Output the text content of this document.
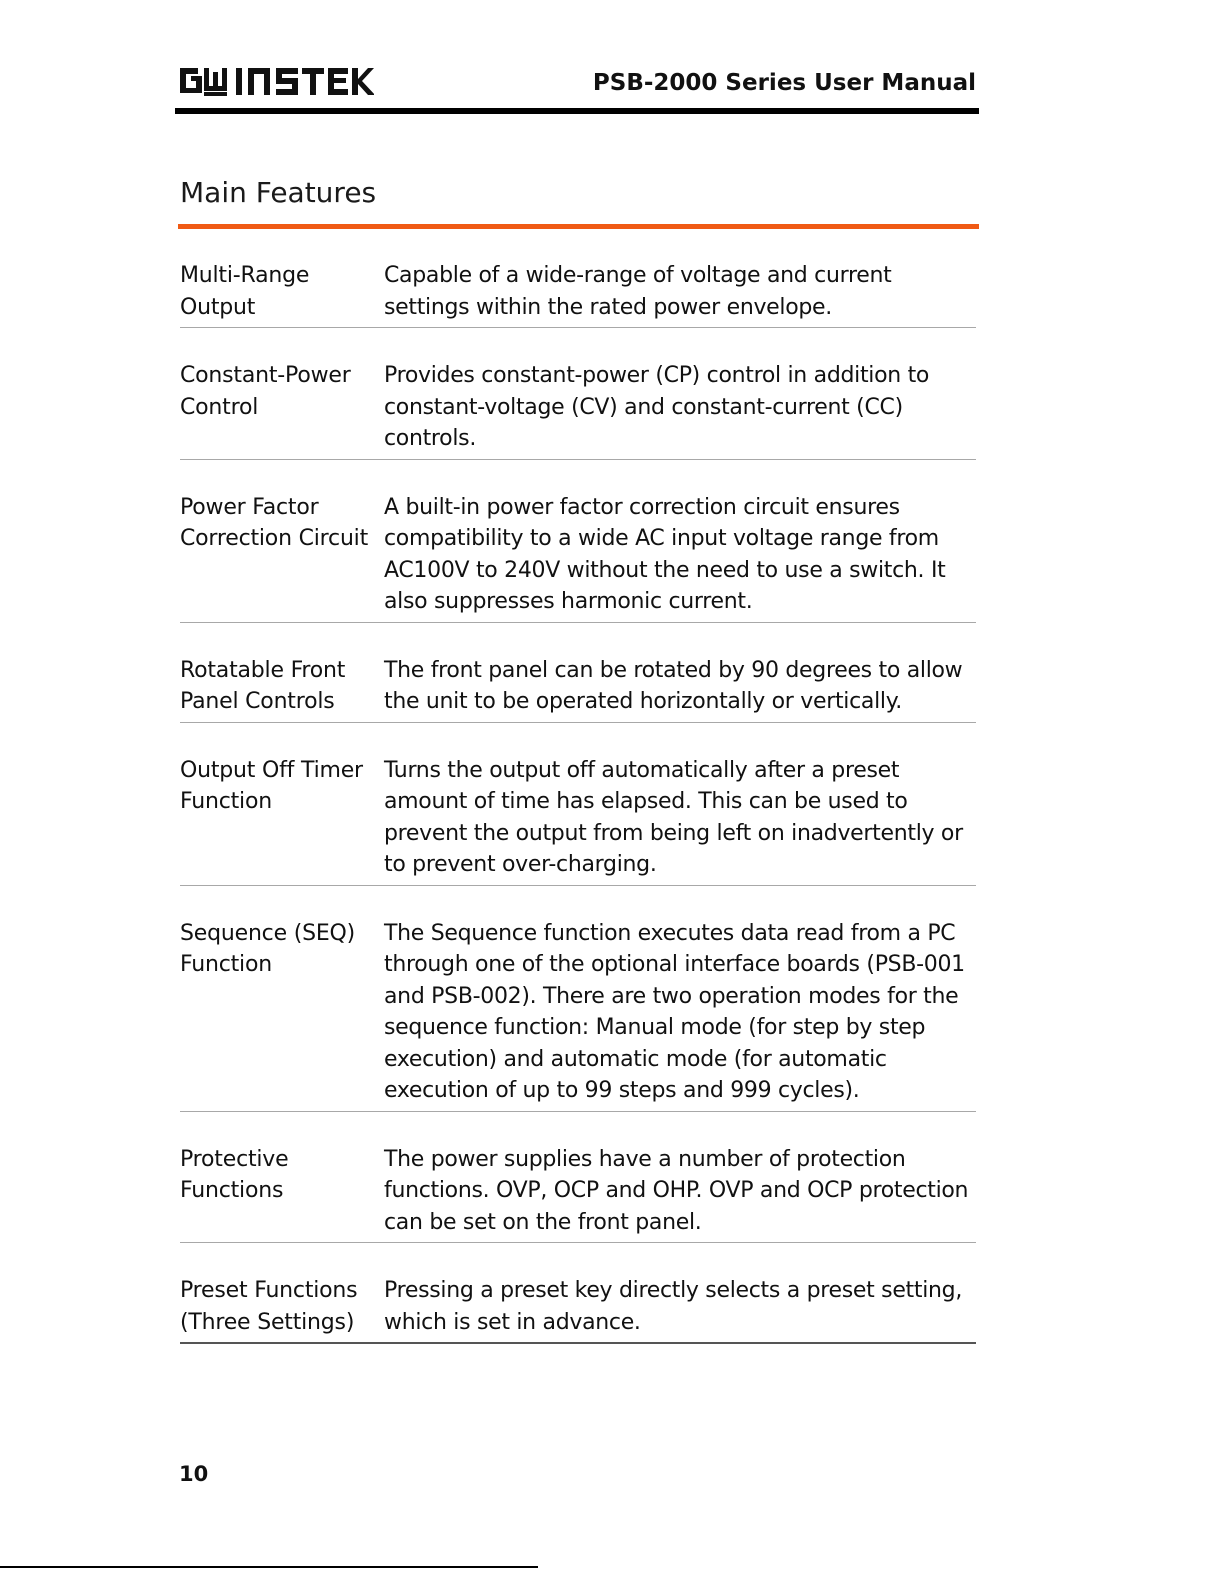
PSB-2000 Series User Manual
Main Features
Multi-Range
Output
Capable of a wide-range of voltage and current settings within the rated power envelope.
Constant-Power
Control
Provides constant-power (CP) control in addition to constant-voltage (CV) and constant-current (CC) controls.
Power Factor
Correction Circuit
A built-in power factor correction circuit ensures compatibility to a wide AC input voltage range from AC100V to 240V without the need to use a switch. It also suppresses harmonic current.
Rotatable Front
Panel Controls
The front panel can be rotated by 90 degrees to allow the unit to be operated horizontally or vertically.
Output Off Timer
Function
Turns the output off automatically after a preset amount of time has elapsed. This can be used to prevent the output from being left on inadvertently or to prevent over-charging.
Sequence (SEQ)
Function
The Sequence function executes data read from a PC through one of the optional interface boards (PSB-001 and PSB-002). There are two operation modes for the sequence function: Manual mode (for step by step execution) and automatic mode (for automatic execution of up to 99 steps and 999 cycles).
Protective
Functions
The power supplies have a number of protection functions. OVP, OCP and OHP. OVP and OCP protection can be set on the front panel.
Preset Functions
(Three Settings)
Pressing a preset key directly selects a preset setting, which is set in advance.
10
